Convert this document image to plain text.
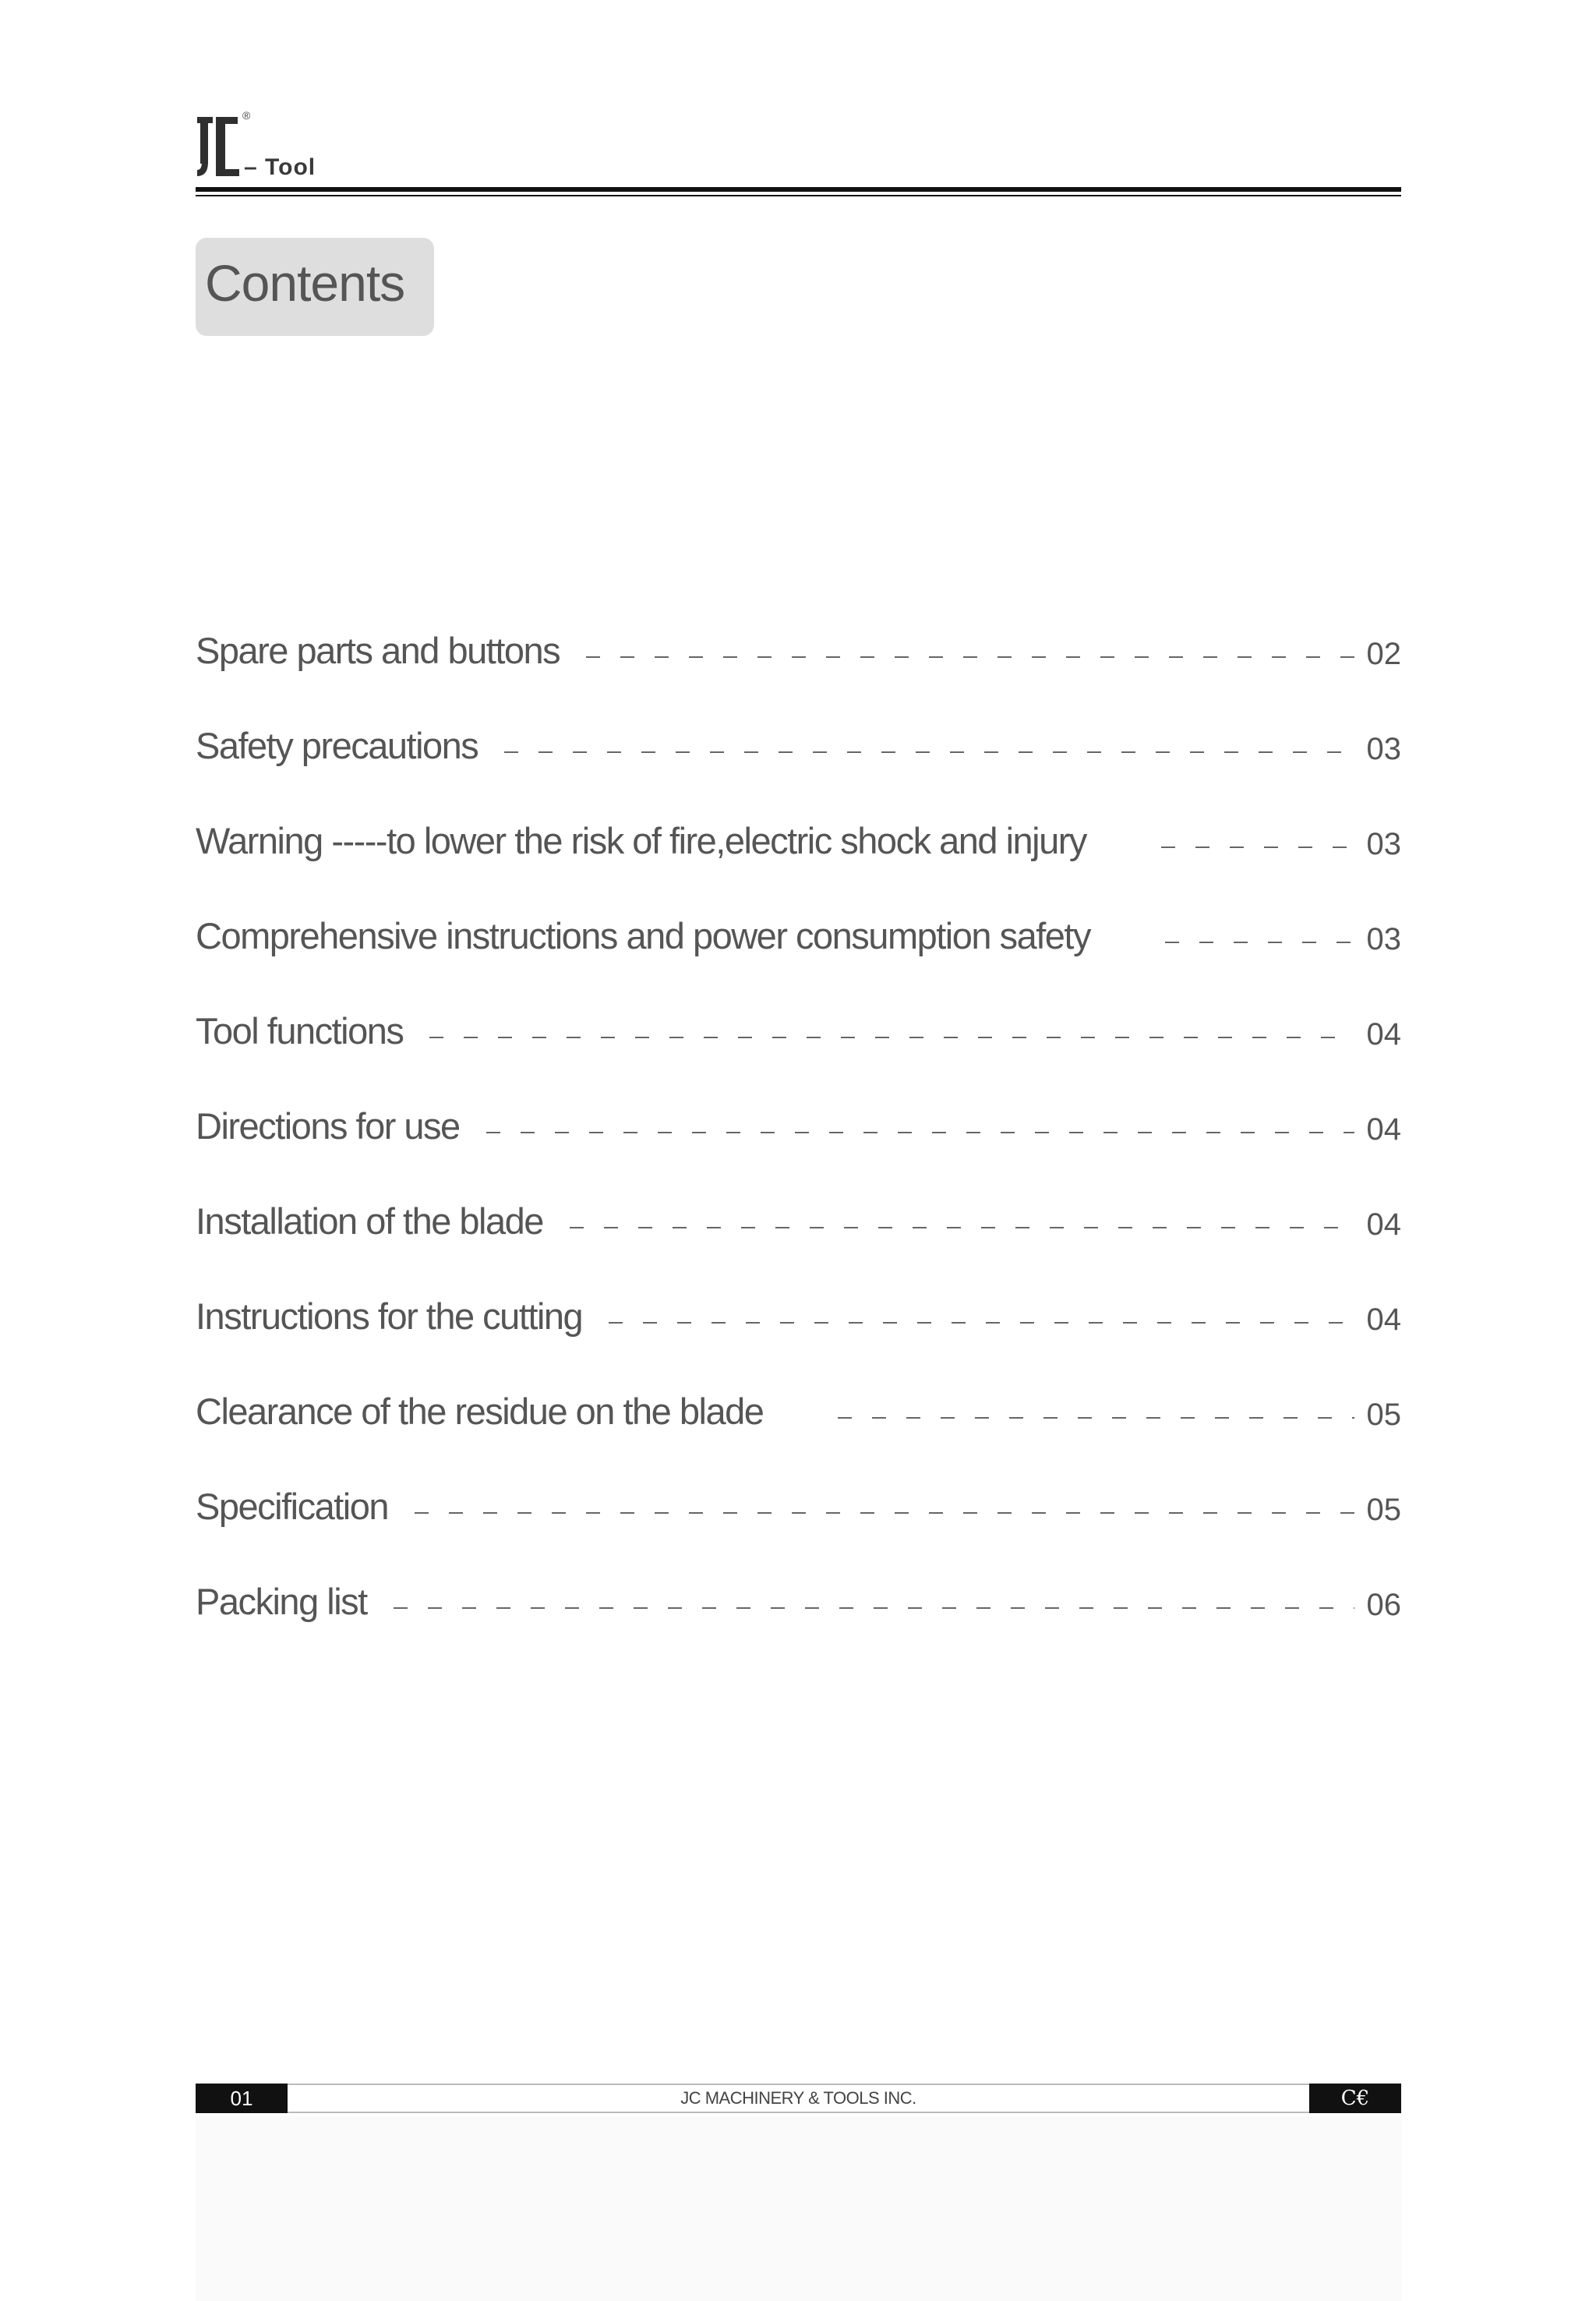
®
– Tool
Contents
Spare parts and buttons	02
Safety precautions	03
Warning -----to lower the risk of fire,electric shock and injury	03
Comprehensive instructions and power consumption safety	03
Tool functions	04
Directions for use	04
Installation of the blade	04
Instructions for the cutting	04
Clearance of the residue on the blade	05
Specification	05
Packing list	06
JC MACHINERY & TOOLS INC.
01	C€
